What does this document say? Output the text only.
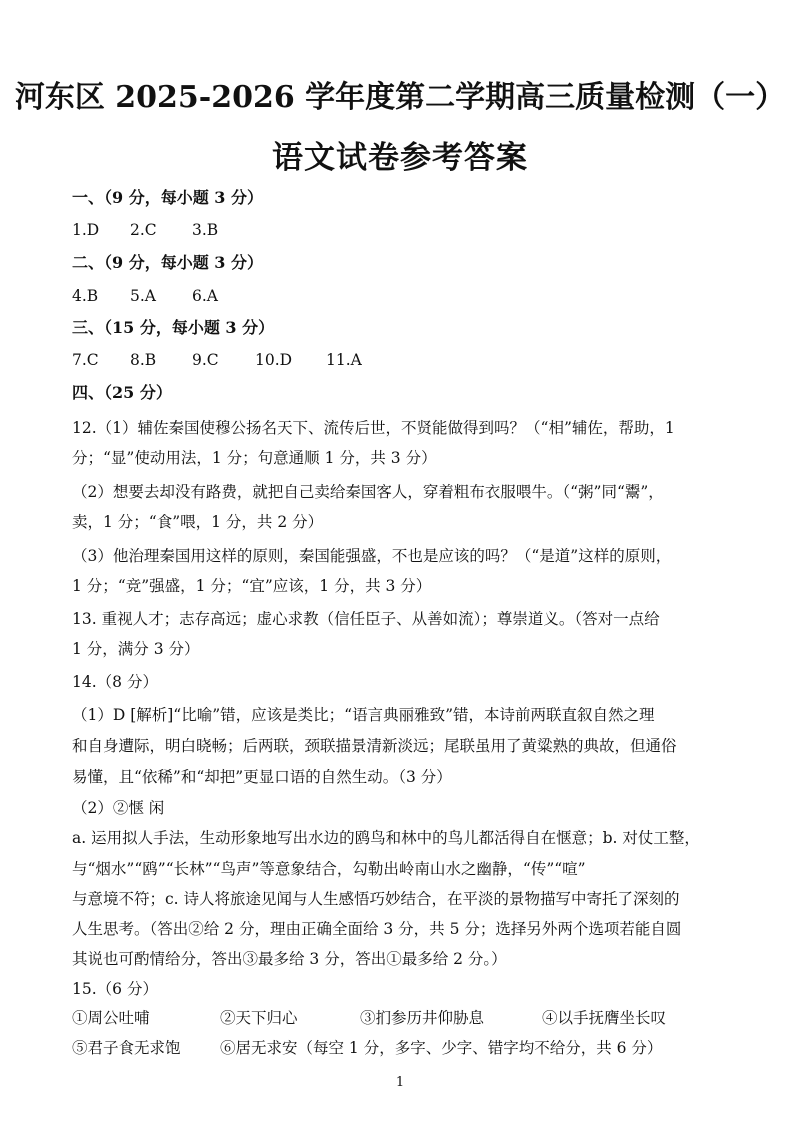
河东区 2025-2026 学年度第二学期高三质量检测（一）
语文试卷参考答案
一、（9 分，每小题 3 分）
1.D 2.C 3.B
二、（9 分，每小题 3 分）
4.B 5.A 6.A
三、（15 分，每小题 3 分）
7.C 8.B 9.C 10.D 11.A
四、（25 分）
12.（1）辅佐秦国使穆公扬名天下、流传后世，不贤能做得到吗？（“相”辅佐，帮助，1
分；“显”使动用法，1 分；句意通顺 1 分，共 3 分）
（2）想要去却没有路费，就把自己卖给秦国客人，穿着粗布衣服喂牛。（“粥”同“鬻”，
卖，1 分；“食”喂，1 分，共 2 分）
（3）他治理秦国用这样的原则，秦国能强盛，不也是应该的吗？（“是道”这样的原则，
1 分；“竞”强盛，1 分；“宜”应该，1 分，共 3 分）
13. 重视人才；志存高远；虚心求教（信任臣子、从善如流）；尊崇道义。（答对一点给
1 分，满分 3 分）
14.（8 分）
（1）D [解析]“比喻”错，应该是类比；“语言典丽雅致”错，本诗前两联直叙自然之理
和自身遭际，明白晓畅；后两联，颈联描景清新淡远；尾联虽用了黄粱熟的典故，但通俗
易懂，且“依稀”和“却把”更显口语的自然生动。（3 分）
（2）②惬 闲
a. 运用拟人手法，生动形象地写出水边的鸥鸟和林中的鸟儿都活得自在惬意；b. 对仗工整，
与“烟水”“鸥”“长林”“鸟声”等意象结合，勾勒出岭南山水之幽静，“传”“喧”
与意境不符；c. 诗人将旅途见闻与人生感悟巧妙结合，在平淡的景物描写中寄托了深刻的
人生思考。（答出②给 2 分，理由正确全面给 3 分，共 5 分；选择另外两个选项若能自圆
其说也可酌情给分，答出③最多给 3 分，答出①最多给 2 分。）
15.（6 分）
①周公吐哺	②天下归心	③扪参历井仰胁息	④以手抚膺坐长叹
⑤君子食无求饱	⑥居无求安（每空 1 分，多字、少字、错字均不给分，共 6 分）
1
